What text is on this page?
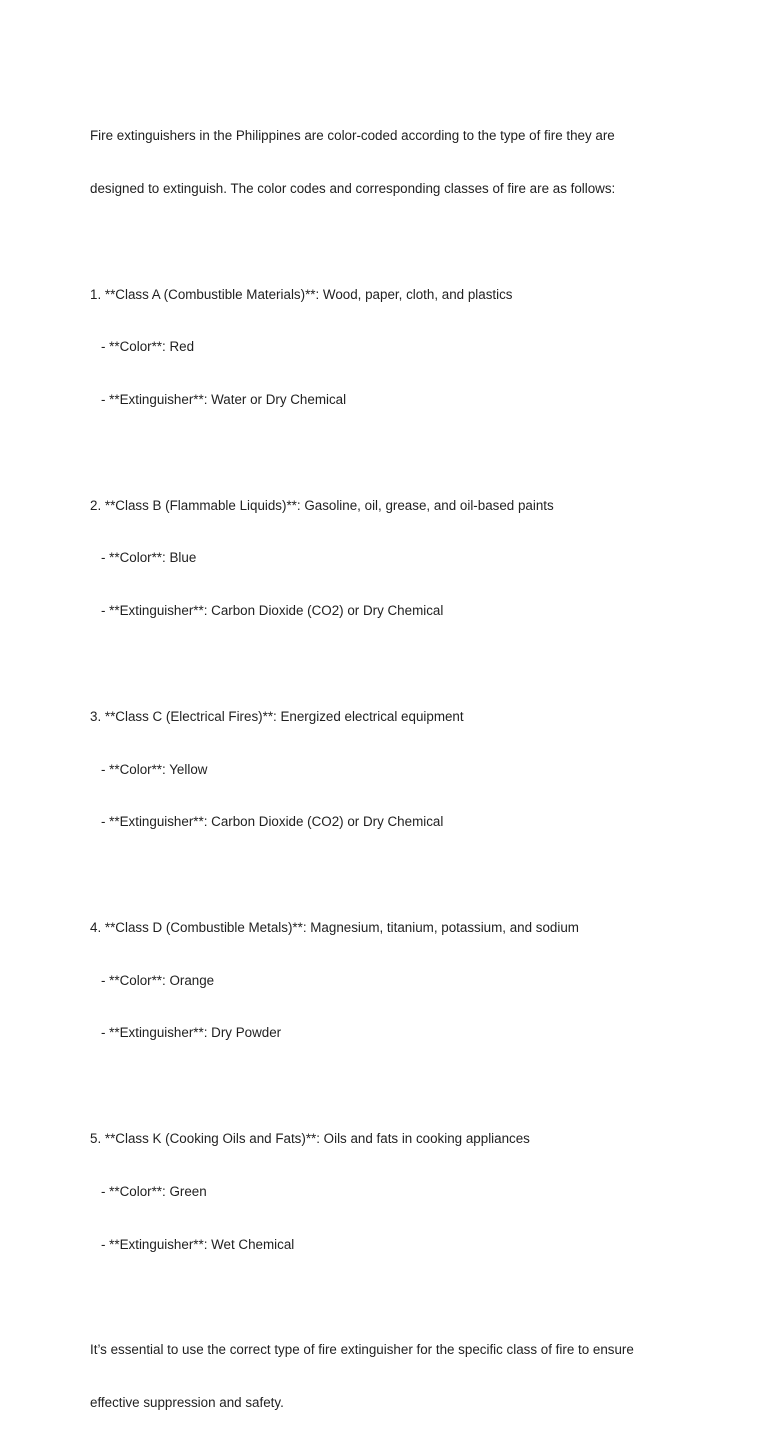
Fire extinguishers in the Philippines are color-coded according to the type of fire they are

designed to extinguish. The color codes and corresponding classes of fire are as follows:

1. **Class A (Combustible Materials)**: Wood, paper, cloth, and plastics

- **Color**: Red

- **Extinguisher**: Water or Dry Chemical

2. **Class B (Flammable Liquids)**: Gasoline, oil, grease, and oil-based paints

- **Color**: Blue

- **Extinguisher**: Carbon Dioxide (CO2) or Dry Chemical

3. **Class C (Electrical Fires)**: Energized electrical equipment

- **Color**: Yellow

- **Extinguisher**: Carbon Dioxide (CO2) or Dry Chemical

4. **Class D (Combustible Metals)**: Magnesium, titanium, potassium, and sodium

- **Color**: Orange

- **Extinguisher**: Dry Powder

5. **Class K (Cooking Oils and Fats)**: Oils and fats in cooking appliances

- **Color**: Green

- **Extinguisher**: Wet Chemical

It’s essential to use the correct type of fire extinguisher for the specific class of fire to ensure

effective suppression and safety.
